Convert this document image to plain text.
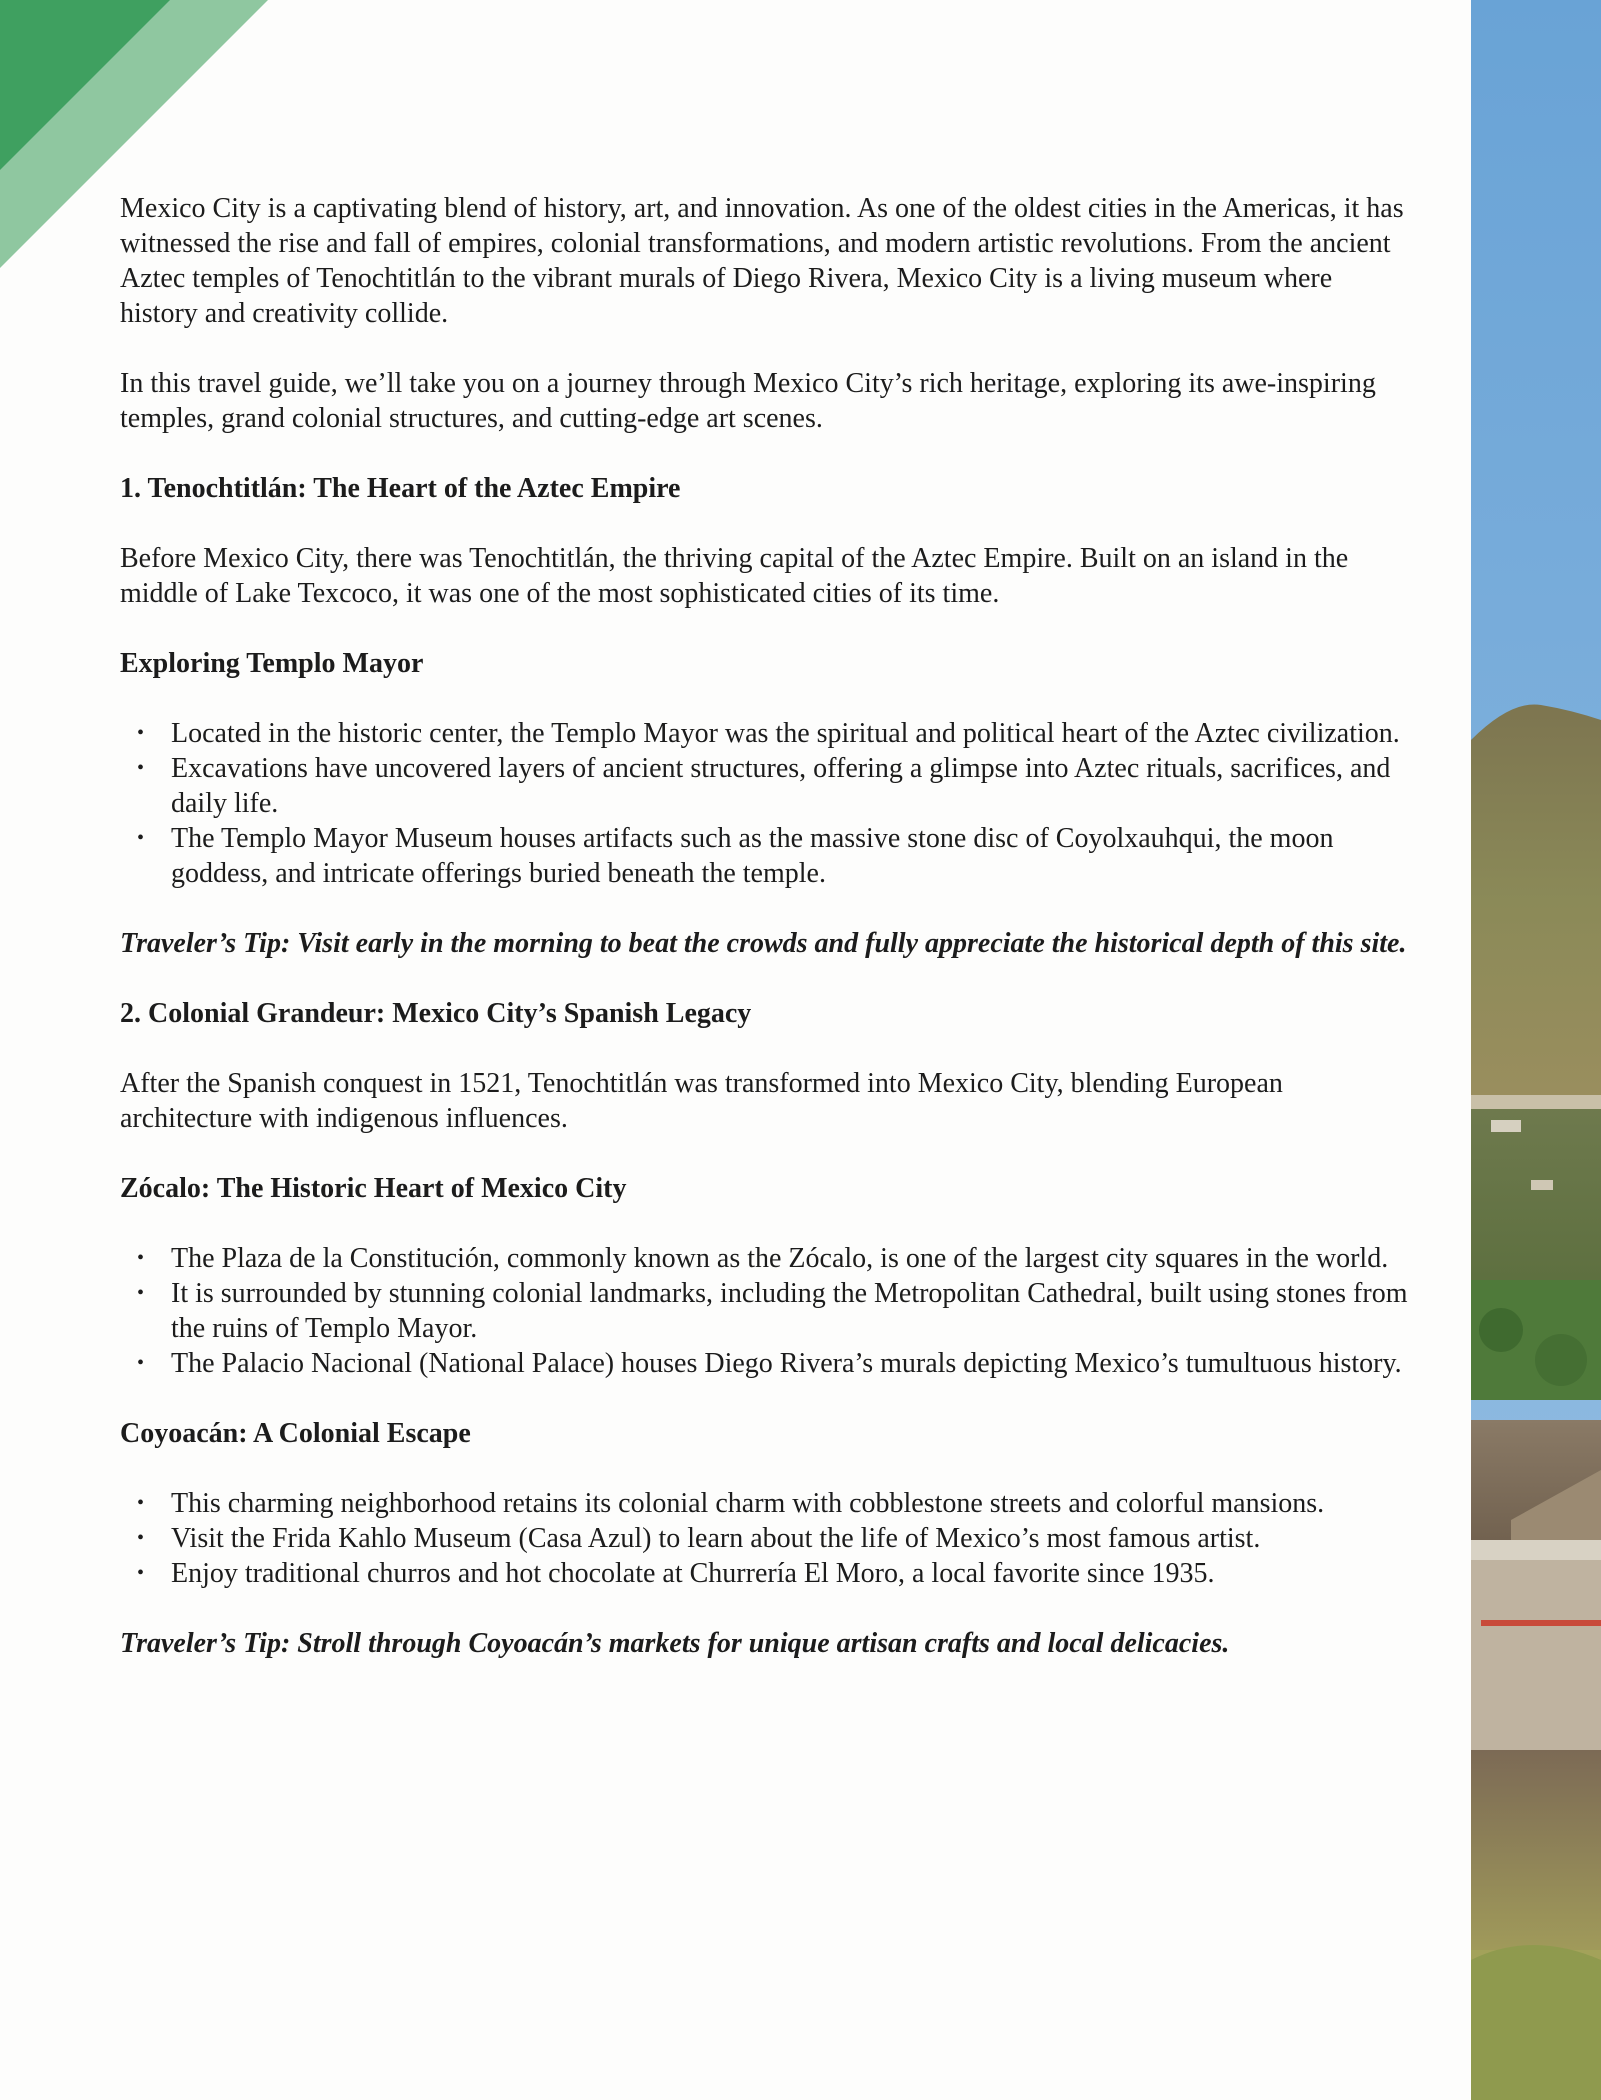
Mexico City is a captivating blend of history, art, and innovation. As one of the oldest cities in the Americas, it has witnessed the rise and fall of empires, colonial transformations, and modern artistic revolutions. From the ancient Aztec temples of Tenochtitlán to the vibrant murals of Diego Rivera, Mexico City is a living museum where history and creativity collide.

In this travel guide, we’ll take you on a journey through Mexico City’s rich heritage, exploring its awe-inspiring temples, grand colonial structures, and cutting-edge art scenes.

1. Tenochtitlán: The Heart of the Aztec Empire

Before Mexico City, there was Tenochtitlán, the thriving capital of the Aztec Empire. Built on an island in the middle of Lake Texcoco, it was one of the most sophisticated cities of its time.

Exploring Templo Mayor
• Located in the historic center, the Templo Mayor was the spiritual and political heart of the Aztec civilization.
• Excavations have uncovered layers of ancient structures, offering a glimpse into Aztec rituals, sacrifices, and daily life.
• The Templo Mayor Museum houses artifacts such as the massive stone disc of Coyolxauhqui, the moon goddess, and intricate offerings buried beneath the temple.

Traveler’s Tip: Visit early in the morning to beat the crowds and fully appreciate the historical depth of this site.

2. Colonial Grandeur: Mexico City’s Spanish Legacy

After the Spanish conquest in 1521, Tenochtitlán was transformed into Mexico City, blending European architecture with indigenous influences.

Zócalo: The Historic Heart of Mexico City
• The Plaza de la Constitución, commonly known as the Zócalo, is one of the largest city squares in the world.
• It is surrounded by stunning colonial landmarks, including the Metropolitan Cathedral, built using stones from the ruins of Templo Mayor.
• The Palacio Nacional (National Palace) houses Diego Rivera’s murals depicting Mexico’s tumultuous history.
Coyoacán: A Colonial Escape
• This charming neighborhood retains its colonial charm with cobblestone streets and colorful mansions.
• Visit the Frida Kahlo Museum (Casa Azul) to learn about the life of Mexico’s most famous artist.
• Enjoy traditional churros and hot chocolate at Churrería El Moro, a local favorite since 1935.

Traveler’s Tip: Stroll through Coyoacán’s markets for unique artisan crafts and local delicacies.
